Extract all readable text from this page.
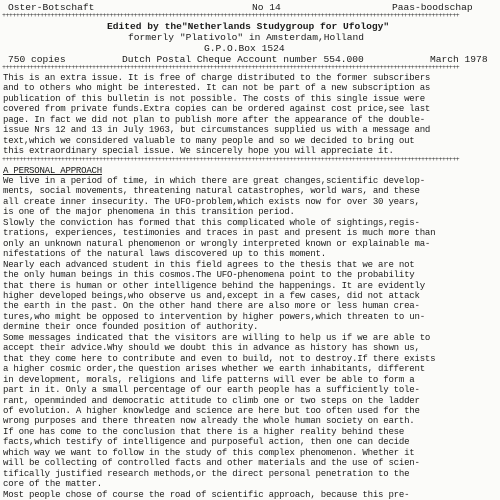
Oster-Botschaft	No 14	Paas-boodschap
++++++++++++++++++++++++++++++++++++++++++++++++++++++++++++++++++++++++++++++++++++++++++++++++++++++++++++++++++++++++++++++++++++
Edited by the"Netherlands Studygroup for Ufology"
formerly "Plativolo" in Amsterdam,Holland
G.P.O.Box 1524
750 copies	Dutch Postal Cheque Account number 554.000	March 1978
++++++++++++++++++++++++++++++++++++++++++++++++++++++++++++++++++++++++++++++++++++++++++++++++++++++++++++++++++++++++++++++++++++
This is an extra issue. It is free of charge distributed to the former subscribers
and to others who might be interested. It can not be part of a new subscription as
publication of this bulletin is not possible. The costs of this single issue were
covered from private funds.Extra copies can be ordered against cost price,see last
page. In fact we did not plan to publish more after the appearance of the double-
issue Nrs 12 and 13 in July 1963, but circumstances supplied us with a message and
text,which we considered valuable to many people and so we decided to bring out
this extraordinary special issue. We sincerely hope you will appreciate it.
++++++++++++++++++++++++++++++++++++++++++++++++++++++++++++++++++++++++++++++++++++++++++++++++++++++++++++++++++++++++++++++++++++
A PERSONAL APPROACH
We live in a period of time, in which there are great changes,scientific develop-
ments, social movements, threatening natural catastrophes, world wars, and these
all create inner insecurity. The UFO-problem,which exists now for over 30 years,
is one of the major phenomena in this transition period.
Slowly the conviction has formed that this complicated whole of sightings,regis-
trations, experiences, testimonies and traces in past and present is much more than
only an unknown natural phenomenon or wrongly interpreted known or explainable ma-
nifestations of the natural laws discovered up to this moment.
Nearly each advanced student in this field agrees to the thesis that we are not
the only human beings in this cosmos.The UFO-phenomena point to the probability
that there is human or other intelligence behind the happenings. It are evidently
higher developed beings,who observe us and,except in a few cases, did not attack
the earth in the past. On the other hand there are also more or less human crea-
tures,who might be opposed to intervention by higher powers,which threaten to un-
dermine their once founded position of authority.
Some messages indicated that the visitors are willing to help us if we are able to
accept their advice.Why should we doubt this in advance as history has shown us,
that they come here to contribute and even to build, not to destroy.If there exists
a higher cosmic order,the question arises whether we earth inhabitants, different
in development, morals, religions and life patterns will ever be able to form a
part in it. Only a small percentage of our earth people has a sufficiently tole-
rant, openminded and democratic attitude to climb one or two steps on the ladder
of evolution. A higher knowledge and science are here but too often used for the
wrong purposes and there threaten now already the whole human society on earth.
If one has come to the conclusion that there is a higher reality behind these
facts,which testify of intelligence and purposeful action, then one can decide
which way we want to follow in the study of this complex phenomenon. Whether it
will be collecting of controlled facts and other materials and the use of scien-
tifically justified research methods,or the direct personal penetration to the
core of the matter.
Most people chose of course the road of scientific approach, because this pre-
